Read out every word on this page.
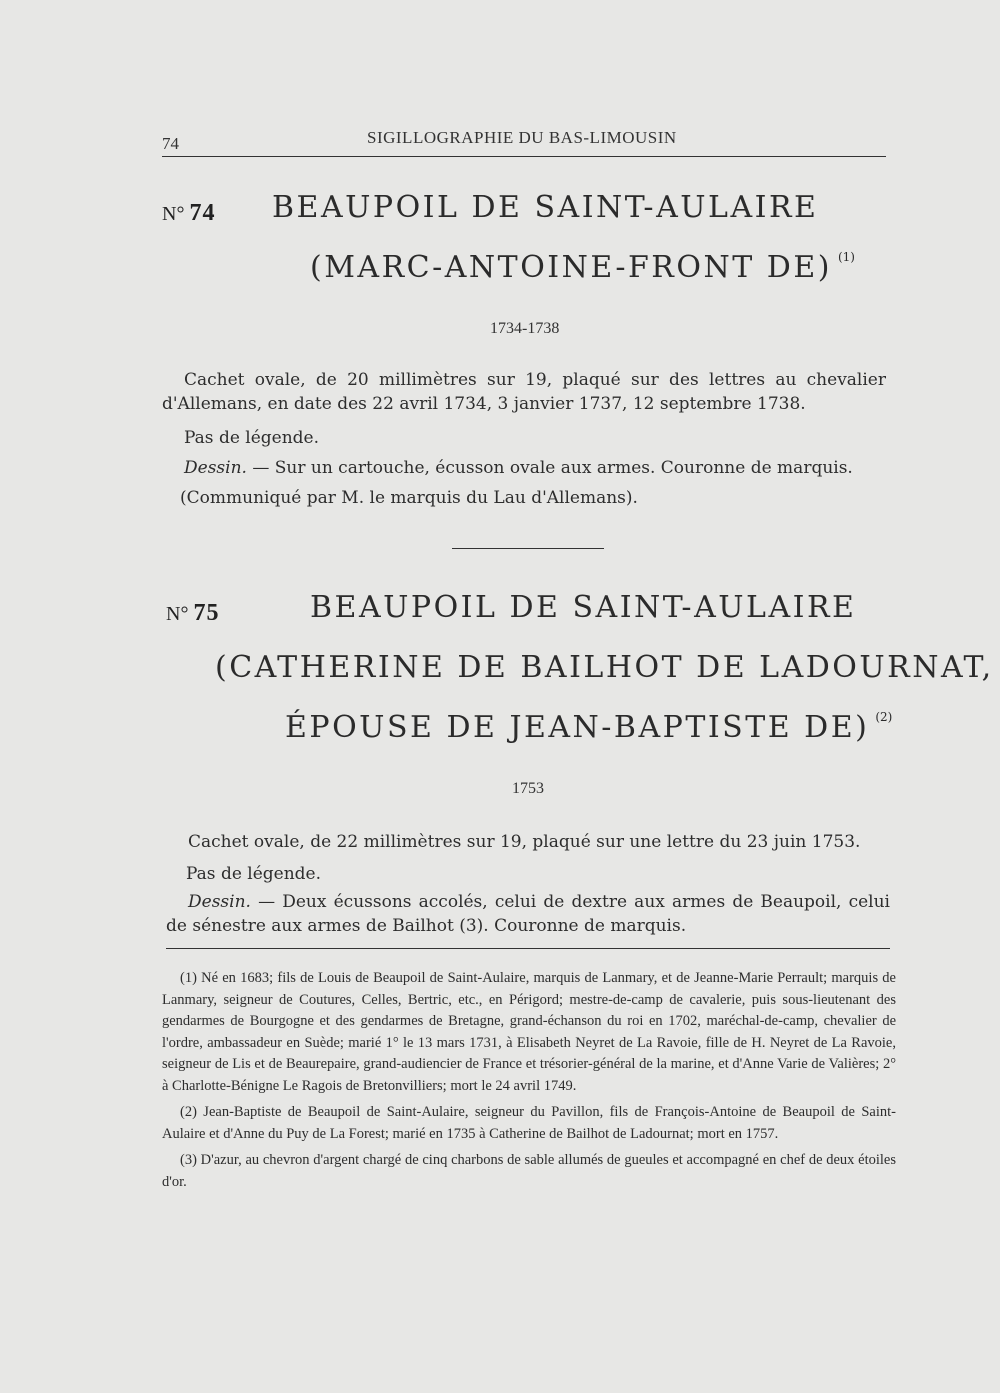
74	SIGILLOGRAPHIE DU BAS-LIMOUSIN
N° 74 BEAUPOIL DE SAINT-AULAIRE
(MARC-ANTOINE-FRONT DE) $^{(1)}$
1734-1738

Cachet ovale, de 20 millimètres sur 19, plaqué sur des lettres au chevalier d'Allemans, en date des 22 avril 1734, 3 janvier 1737, 12 septembre 1738.

Pas de légende.

Dessin. — Sur un cartouche, écusson ovale aux armes. Couronne de marquis.

(Communiqué par M. le marquis du Lau d'Allemans).

N° 75	BEAUPOIL DE SAINT-AULAIRE
(CATHERINE DE BAILHOT DE LADOURNAT,
ÉPOUSE DE JEAN-BAPTISTE DE) $^{(2)}$
1753

Cachet ovale, de 22 millimètres sur 19, plaqué sur une lettre du 23 juin 1753.

Pas de légende.

Dessin. — Deux écussons accolés, celui de dextre aux armes de Beaupoil, celui de sénestre aux armes de Bailhot (3). Couronne de marquis.

(1) Né en 1683; fils de Louis de Beaupoil de Saint-Aulaire, marquis de Lanmary, et de Jeanne-Marie Perrault; marquis de Lanmary, seigneur de Coutures, Celles, Bertric, etc., en Périgord; mestre-de-camp de cavalerie, puis sous-lieutenant des gendarmes de Bourgogne et des gendarmes de Bretagne, grand-échanson du roi en 1702, maréchal-de-camp, chevalier de l'ordre, ambassadeur en Suède; marié 1° le 13 mars 1731, à Elisabeth Neyret de La Ravoie, fille de H. Neyret de La Ravoie, seigneur de Lis et de Beaurepaire, grand-audiencier de France et trésorier-général de la marine, et d'Anne Varie de Valières; 2° à Charlotte-Bénigne Le Ragois de Bretonvilliers; mort le 24 avril 1749.

(2) Jean-Baptiste de Beaupoil de Saint-Aulaire, seigneur du Pavillon, fils de François-Antoine de Beaupoil de Saint-Aulaire et d'Anne du Puy de La Forest; marié en 1735 à Catherine de Bailhot de Ladournat; mort en 1757.

(3) D'azur, au chevron d'argent chargé de cinq charbons de sable allumés de gueules et accompagné en chef de deux étoiles d'or.
